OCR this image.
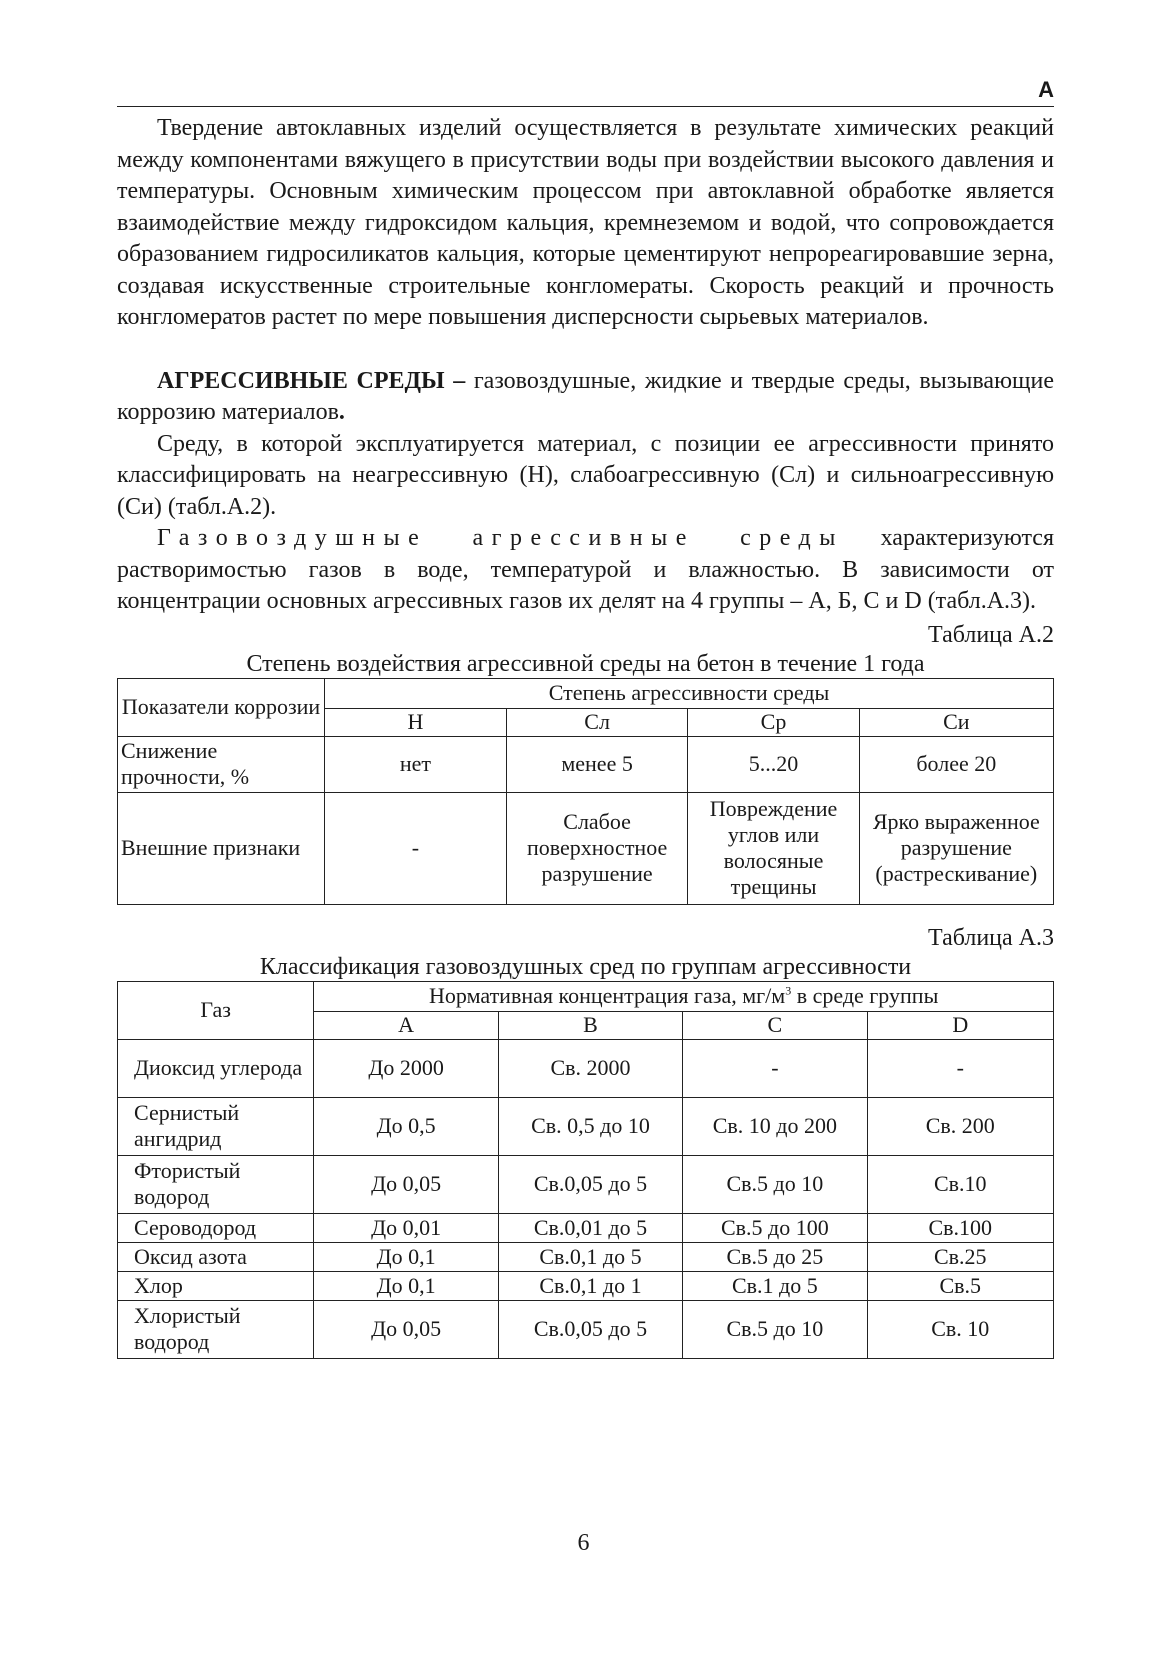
А

Твердение автоклавных изделий осуществляется в результате химических реакций между компонентами вяжущего в присутствии воды при воздействии высокого давления и температуры. Основным химическим процессом при автоклавной обработке является взаимодействие между гидроксидом кальция, кремнеземом и водой, что сопровождается образованием гидросиликатов кальция, которые цементируют непрореагировавшие зерна, создавая искусственные строительные конгломераты. Скорость реакций и прочность конгломератов растет по мере повышения дисперсности сырьевых материалов.

АГРЕССИВНЫЕ СРЕДЫ – газовоздушные, жидкие и твердые среды, вызывающие коррозию материалов.

Среду, в которой эксплуатируется материал, с позиции ее агрессивности принято классифицировать на неагрессивную (Н), слабоагрессивную (Сл) и сильноагрессивную (Си) (табл.А.2).

Газовоздушные агрессивные среды характеризуются растворимостью газов в воде, температурой и влажностью. В зависимости от концентрации основных агрессивных газов их делят на 4 группы – А, Б, С и D (табл.А.3).

Таблица А.2
Степень воздействия агрессивной среды на бетон в течение 1 года
Показатели коррозии	Степень агрессивности среды			
	Н	Сл	Ср	Си
Снижение прочности, %	нет	менее 5	5...20	более 20
Внешние признаки	-	Слабое поверхностное разрушение	Повреждение углов или волосяные трещины	Ярко выраженное разрушение (растрескивание)
Таблица А.3
Классификация газовоздушных сред по группам агрессивности
Газ	Нормативная концентрация газа, $мг/м^3$ в среде группы			
	A	B	C	D
Диоксид углерода	До 2000	Св. 2000	-	-
Сернистый ангидрид	До 0,5	Св. 0,5 до 10	Св. 10 до 200	Св. 200
Фтористый водород	До 0,05	Св.0,05 до 5	Св.5 до 10	Св.10
Сероводород	До 0,01	Св.0,01 до 5	Св.5 до 100	Св.100
Оксид азота	До 0,1	Св.0,1 до 5	Св.5 до 25	Св.25
Хлор	До 0,1	Св.0,1 до 1	Св.1 до 5	Св.5
Хлористый водород	До 0,05	Св.0,05 до 5	Св.5 до 10	Св. 10
6
